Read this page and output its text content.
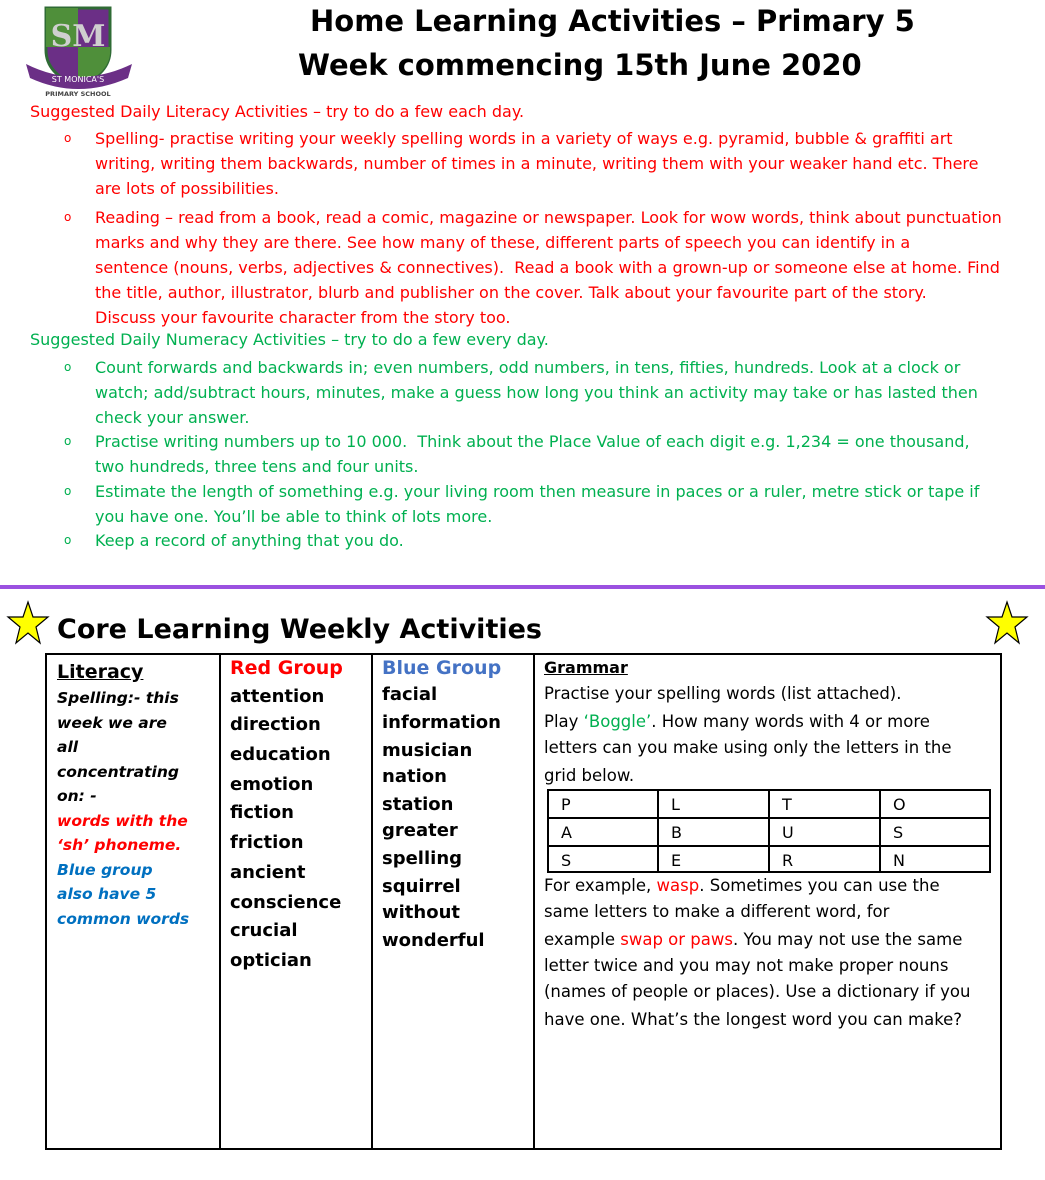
SM
ST MONICA'S
PRIMARY SCHOOL
Home Learning Activities – Primary 5
Week commencing 15th June 2020
Suggested Daily Literacy Activities – try to do a few each day.
o Spelling- practise writing your weekly spelling words in a variety of ways e.g. pyramid, bubble & graffiti art
writing, writing them backwards, number of times in a minute, writing them with your weaker hand etc. There
are lots of possibilities.
o Reading – read from a book, read a comic, magazine or newspaper. Look for wow words, think about punctuation
marks and why they are there. See how many of these, different parts of speech you can identify in a
sentence (nouns, verbs, adjectives & connectives).  Read a book with a grown-up or someone else at home. Find
the title, author, illustrator, blurb and publisher on the cover. Talk about your favourite part of the story.
Discuss your favourite character from the story too.
Suggested Daily Numeracy Activities – try to do a few every day.
o Count forwards and backwards in; even numbers, odd numbers, in tens, fifties, hundreds. Look at a clock or
watch; add/subtract hours, minutes, make a guess how long you think an activity may take or has lasted then
check your answer.
o Practise writing numbers up to 10 000.  Think about the Place Value of each digit e.g. 1,234 = one thousand,
two hundreds, three tens and four units.
o Estimate the length of something e.g. your living room then measure in paces or a ruler, metre stick or tape if
you have one. You’ll be able to think of lots more.
o Keep a record of anything that you do.
Core Learning Weekly Activities
Literacy
Spelling:- this
week we are
all
concentrating
on: -
words with the
‘sh’ phoneme.
Blue group
also have 5
common words
Red Group
attention
direction
education
emotion
fiction
friction
ancient
conscience
crucial
optician
Blue Group
facial
information
musician
nation
station
greater
spelling
squirrel
without
wonderful
Grammar
Practise your spelling words (list attached).
Play ‘Boggle’. How many words with 4 or more
letters can you make using only the letters in the
grid below.
P	L	T	O
A	B	U	S
S	E	R	N
For example, wasp. Sometimes you can use the
same letters to make a different word, for
example swap or paws. You may not use the same
letter twice and you may not make proper nouns
(names of people or places). Use a dictionary if you
have one. What’s the longest word you can make?
